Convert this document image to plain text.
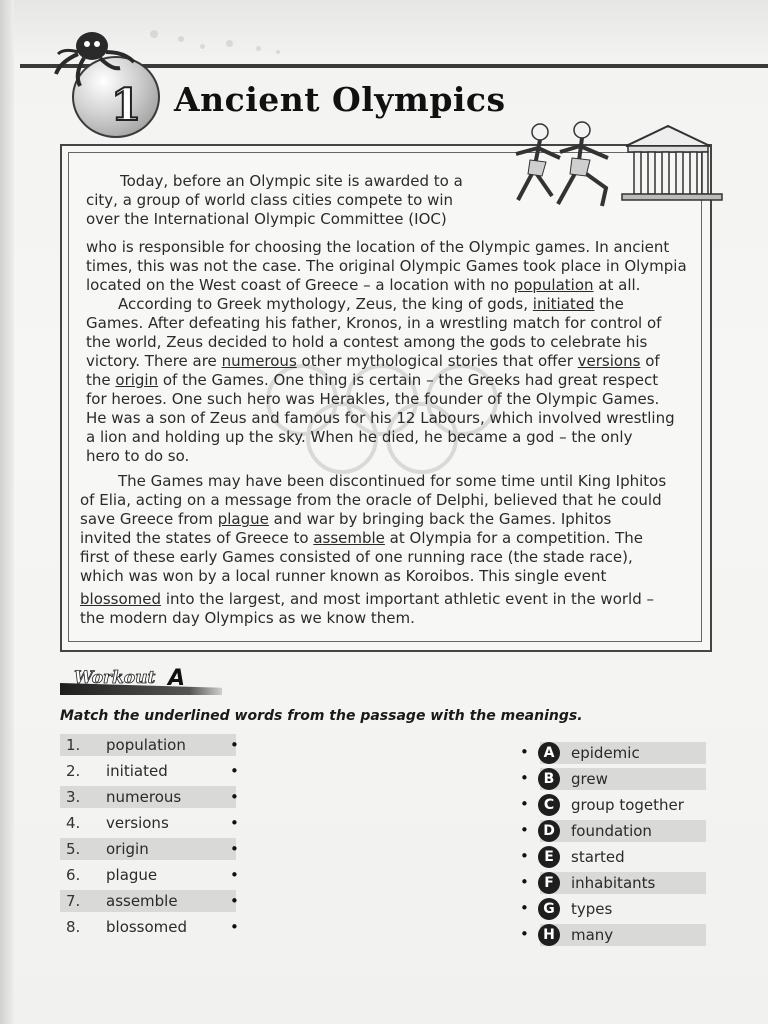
1 Ancient Olympics
Today, before an Olympic site is awarded to a
city, a group of world class cities compete to win
over the International Olympic Committee (IOC)
who is responsible for choosing the location of the Olympic games. In ancient
times, this was not the case. The original Olympic Games took place in Olympia
located on the West coast of Greece – a location with no population at all.
According to Greek mythology, Zeus, the king of gods, initiated the
Games. After defeating his father, Kronos, in a wrestling match for control of
the world, Zeus decided to hold a contest among the gods to celebrate his
victory. There are numerous other mythological stories that offer versions of
the origin of the Games. One thing is certain – the Greeks had great respect
for heroes. One such hero was Herakles, the founder of the Olympic Games.
He was a son of Zeus and famous for his 12 Labours, which involved wrestling
a lion and holding up the sky. When he died, he became a god – the only
hero to do so.
The Games may have been discontinued for some time until King Iphitos
of Elia, acting on a message from the oracle of Delphi, believed that he could
save Greece from plague and war by bringing back the Games. Iphitos
invited the states of Greece to assemble at Olympia for a competition. The
first of these early Games consisted of one running race (the stade race),
which was won by a local runner known as Koroibos. This single event
blossomed into the largest, and most important athletic event in the world –
the modern day Olympics as we know them.
Workout A
Match the underlined words from the passage with the meanings.
1. population	•
2. initiated	•
3. numerous	•
4. versions	•
5. origin	•
6. plague	•
7. assemble	•
8. blossomed	•
•	A	epidemic
•	B	grew
•	C	group together
•	D	foundation
•	E	started
•	F	inhabitants
•	G	types
•	H	many
